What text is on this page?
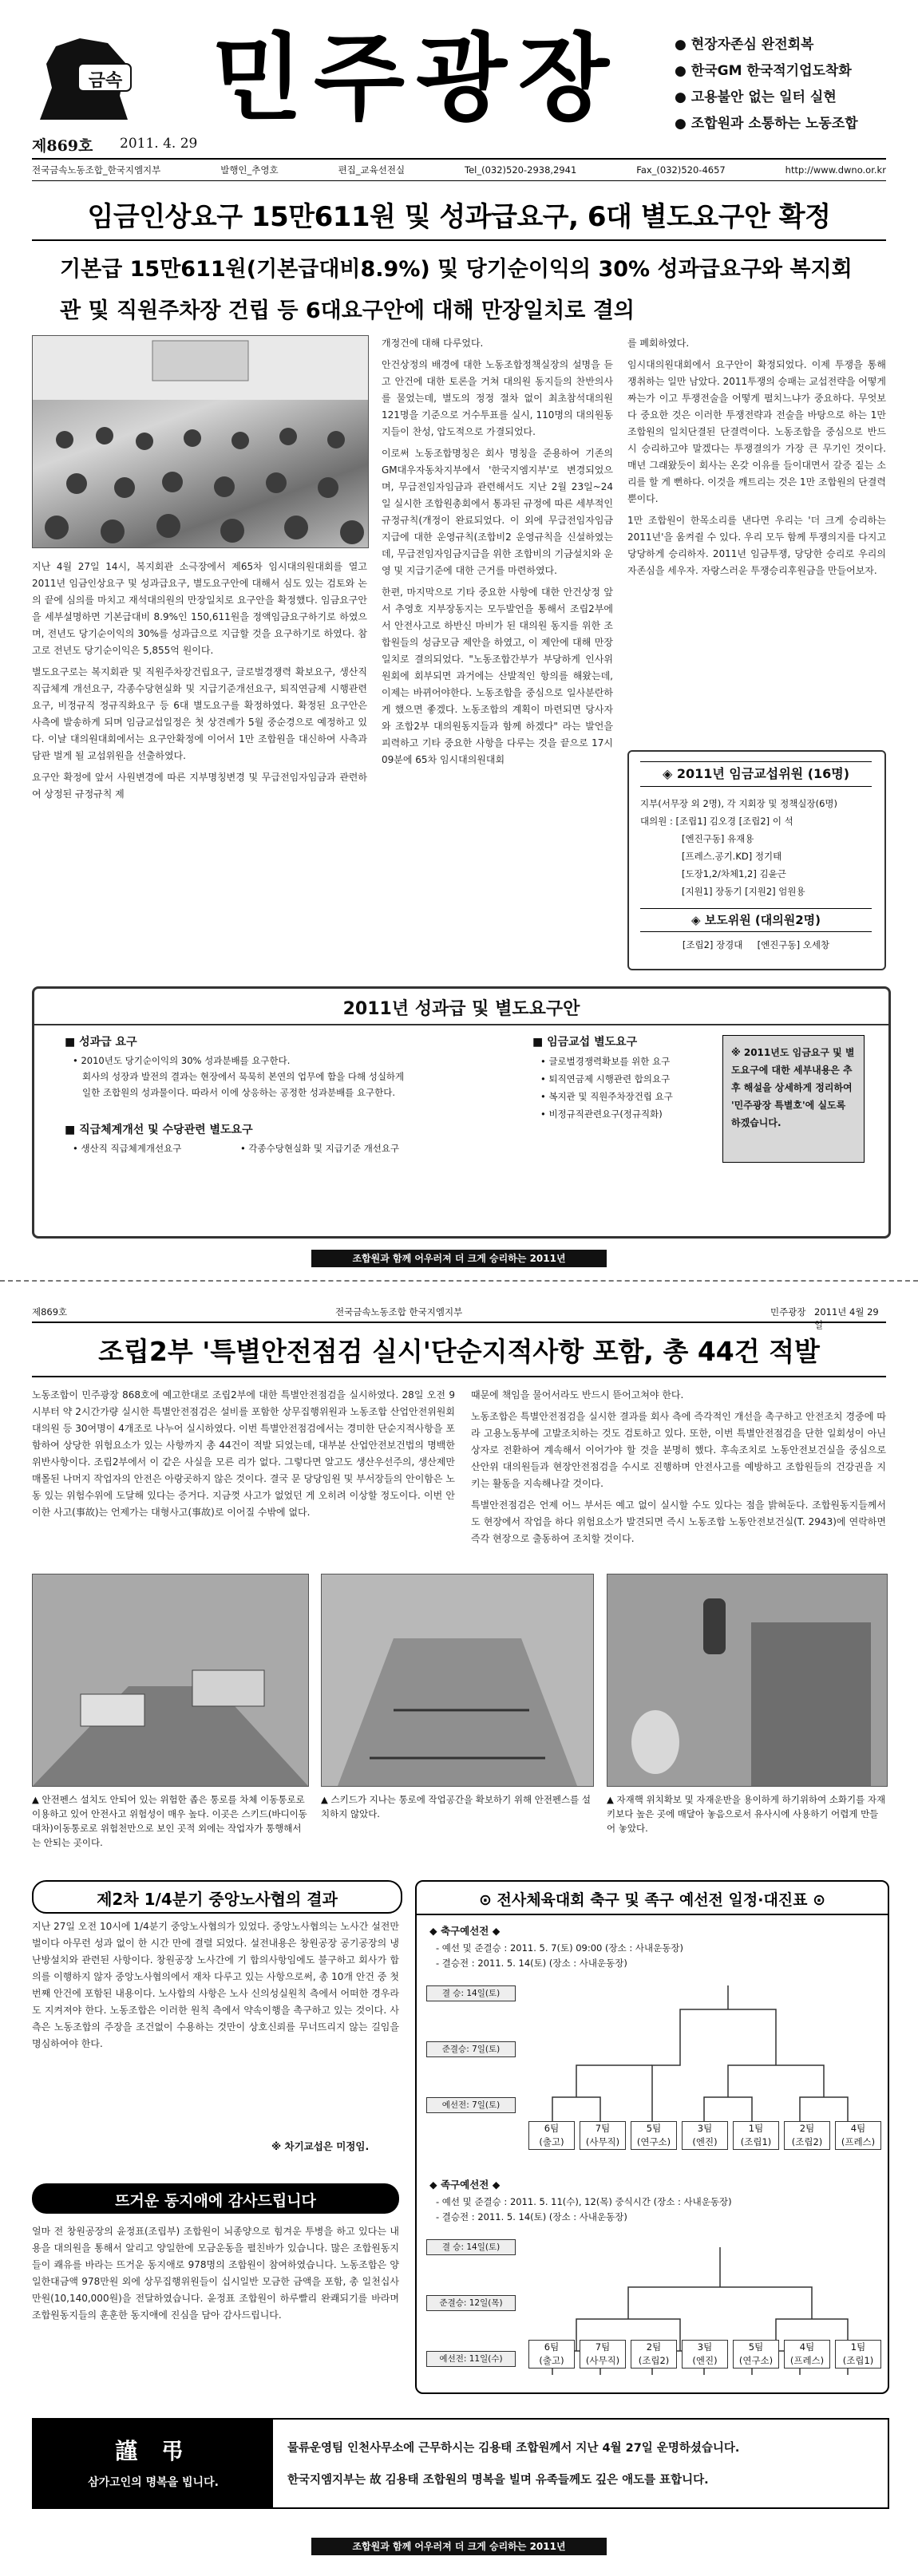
금속 민주광장
제869호 2011. 4. 29
● 현장자존심 완전회복
● 한국GM 한국적기업도착화
● 고용불안 없는 일터 실현
● 조합원과 소통하는 노동조합
전국금속노동조합_한국지엠지부	발행인_추영호	편집_교육선전실	Tel_(032)520-2938,2941	Fax_(032)520-4657	http://www.dwno.or.kr
임금인상요구 15만611원 및 성과급요구, 6대 별도요구안 확정
기본급 15만611원(기본급대비8.9%) 및 당기순이익의 30% 성과급요구와 복지회관 및 직원주차장 건립 등 6대요구안에 대해 만장일치로 결의

지난 4월 27일 14시, 복지회관 소극장에서 제65차 임시대의원대회를 열고 2011년 임금인상요구 및 성과급요구, 별도요구안에 대해서 심도 있는 검토와 논의 끝에 심의를 마치고 재석대의원의 만장일치로 요구안을 확정했다. 임금요구안을 세부설명하면 기본급대비 8.9%인 150,611원을 정액임금요구하기로 하였으며, 전년도 당기순이익의 30%를 성과급으로 지급할 것을 요구하기로 하였다. 참고로 전년도 당기순이익은 5,855억 원이다.

별도요구로는 복지회관 및 직원주차장건립요구, 글로벌경쟁력 확보요구, 생산직직급체계 개선요구, 각종수당현실화 및 지급기준개선요구, 퇴직연금제 시행관련요구, 비정규직 정규직화요구 등 6대 별도요구를 확정하였다. 확정된 요구안은 사측에 발송하게 되며 임금교섭일정은 첫 상견례가 5월 중순경으로 예정하고 있다. 이날 대의원대회에서는 요구안확정에 이어서 1만 조합원을 대신하여 사측과 담판 벌게 될 교섭위원을 선출하였다.

요구안 확정에 앞서 사원변경에 따른 지부명칭변경 및 무급전임자임금과 관련하여 상정된 규정규칙 제

개정건에 대해 다루었다.

안건상정의 배경에 대한 노동조합정책실장의 설명을 듣고 안건에 대한 토론을 거쳐 대의원 동지들의 찬반의사를 물었는데, 별도의 정정 절차 없이 최초참석대의원 121명을 기준으로 거수투표를 실시, 110명의 대의원동지들이 찬성, 압도적으로 가결되었다.

이로써 노동조합명칭은 회사 명칭을 준용하여 기존의 GM대우자동차지부에서 '한국지엠지부'로 변경되었으며, 무급전임자임금과 관련해서도 지난 2월 23일~24일 실시한 조합원총회에서 통과된 규정에 따른 세부적인 규정규칙(개정이 완료되었다. 이 외에 무급전임자임금지급에 대한 운영규칙(조합비2 운영규칙을 신설하였는데, 무급전임자임금지급을 위한 조합비의 기금설치와 운영 및 지급기준에 대한 근거를 마련하였다.

한편, 마지막으로 기타 중요한 사항에 대한 안건상정 앞서 추영호 지부장동지는 모두발언을 통해서 조립2부에서 안전사고로 하반신 마비가 된 대의원 동지를 위한 조합원들의 성금모금 제안을 하였고, 이 제안에 대해 만장일치로 결의되었다. "노동조합간부가 부당하게 인사위원회에 회부되면 과거에는 산발적인 항의를 해왔는데, 이제는 바뀌어야한다. 노동조합을 중심으로 일사분란하게 했으면 좋겠다. 노동조합의 계획이 마련되면 당사자와 조합2부 대의원동지들과 함께 하겠다" 라는 발언을 피력하고 기타 중요한 사항을 다루는 것을 끝으로 17시 09분에 65차 임시대의원대회

를 폐회하였다.

임시대의원대회에서 요구안이 확정되었다. 이제 투쟁을 통해 쟁취하는 일만 남았다. 2011투쟁의 승패는 교섭전략을 어떻게 짜는가 이고 투쟁전술을 어떻게 펼치느냐가 중요하다. 무엇보다 중요한 것은 이러한 투쟁전략과 전술을 바탕으로 하는 1만 조합원의 일치단결된 단결력이다. 노동조합을 중심으로 반드시 승리하고야 말겠다는 투쟁결의가 가장 큰 무기인 것이다. 매년 그래왔듯이 회사는 온갖 이유를 들이대면서 갈증 짙는 소리를 할 게 뻔하다. 이것을 깨트리는 것은 1만 조합원의 단결력 뿐이다.

1만 조합원이 한목소리를 낸다면 우리는 '더 크게 승리하는 2011년'을 움켜쥘 수 있다. 우리 모두 함께 투쟁의지를 다지고 당당하게 승리하자. 2011년 임금투쟁, 당당한 승리로 우리의 자존심을 세우자. 자랑스러운 투쟁승리후원금을 만들어보자.

◈ 2011년 임금교섭위원 (16명)
지부(서무장 외 2명), 각 지회장 및 정책실장(6명)
대의원 : [조립1] 김오경 [조립2] 이 석
[엔진구동] 유재용
[프레스.공기.KD] 정기태
[도장1,2/차체1,2] 김윤근
[지원1] 장동기 [지원2] 엄원용
◈ 보도위원 (대의원2명)
[조립2] 장경대     [엔진구동] 오세창
2011년 성과급 및 별도요구안
■ 성과급 요구
• 2010년도 당기순이익의 30% 성과분배를 요구한다.
회사의 성장과 발전의 결과는 현장에서 묵묵히 본연의 업무에 함을 다해 성실하게
일한 조합원의 성과물이다. 따라서 이에 상응하는 공정한 성과분배를 요구한다.
■ 직급체계개선 및 수당관련 별도요구
• 생산직 직급체계개선요구	• 각종수당현실화 및 지급기준 개선요구
■ 임금교섭 별도요구
• 글로벌경쟁력확보를 위한 요구
• 퇴직연금제 시행관련 합의요구
• 복지관 및 직원주차장건립 요구
• 비정규직관련요구(정규직화)
※ 2011년도 임금요구 및 별도요구에 대한 세부내용은 추후 해설을 상세하게 정리하여 '민주광장 특별호'에 실도록 하겠습니다.
조합원과 함께 어우러져 더 크게 승리하는 2011년
제869호	전국금속노동조합 한국지엠지부	민주광장 2011년 4월 29일
조립2부 '특별안전점검 실시'단순지적사항 포함, 총 44건 적발
노동조합이 민주광장 868호에 예고한대로 조립2부에 대한 특별안전점검을 실시하였다. 28일 오전 9시부터 약 2시간가량 실시한 특별안전점검은 설비를 포함한 상무집행위원과 노동조합 산업안전위원회 대의원 등 30여명이 4개조로 나누어 실시하였다. 이번 특별안전점검에서는 경미한 단순지적사항을 포함하여 상당한 위험요소가 있는 사항까지 총 44건이 적발 되었는데, 대부분 산업안전보건법의 명백한 위반사항이다. 조립2부에서 이 같은 사실을 모른 리가 없다. 그렇다면 알고도 생산우선주의, 생산제만 매몰된 나머지 작업자의 안전은 아랑곳하지 않은 것이다. 결국 문 당당임원 및 부서장들의 안이함은 노동 있는 위험수위에 도달해 있다는 증거다. 지금껏 사고가 없었던 게 오히려 이상할 정도이다. 이번 안이한 사고(事故)는 언제가는 대형사고(事故)로 이어질 수밖에 없다.

때문에 책임을 물어서라도 반드시 뜯어고쳐야 한다.

노동조합은 특별안전점검을 실시한 결과를 회사 측에 즉각적인 개선을 촉구하고 안전조치 경중에 따라 고용노동부에 고발조치하는 것도 검토하고 있다. 또한, 이번 특별안전점검을 단한 일회성이 아닌 상자로 전환하여 계속해서 이어가야 할 것을 분명히 했다. 후속조치로 노동안전보건실을 중심으로 산안위 대의원들과 현장안전점검을 수시로 진행하며 안전사고를 예방하고 조합원들의 건강권을 지키는 활동을 지속해나갈 것이다.

특별안전점검은 언제 어느 부서든 예고 없이 실시할 수도 있다는 점을 밝혀둔다. 조합원동지들께서도 현장에서 작업을 하다 위험요소가 발견되면 즉시 노동조합 노동안전보건실(T. 2943)에 연락하면 즉각 현장으로 출동하여 조치할 것이다.

▲ 안전펜스 설치도 안되어 있는 위험한 좁은 통로를 차체 이동통로로 이용하고 있어 안전사고 위험성이 매우 높다. 이곳은 스키드(바디이동대차)이동통로로 위험천만으로 보인 곳적 외에는 작업자가 통행해서는 안되는 곳이다.
▲ 스키드가 지나는 통로에 작업공간을 확보하기 위해 안전펜스를 설치하지 않았다.
▲ 자재핵 위치확보 및 자재운반을 용이하게 하기위하여 소화기를 자재 키보다 높은 곳에 매달아 놓음으로서 유사시에 사용하기 어렵게 만들어 놓았다.
제2차 1/4분기 중앙노사협의 결과
지난 27일 오전 10시에 1/4분기 중앙노사협의가 있었다. 중앙노사협의는 노사간 설전만 벌이다 아무런 성과 없이 한 시간 만에 결렬 되었다. 설전내용은 창원공장 공기공장의 냉난방설치와 관련된 사항이다. 창원공장 노사간에 기 합의사항임에도 불구하고 회사가 합의를 이행하지 않자 중앙노사협의에서 재차 다루고 있는 사항으로써, 총 10개 안건 중 첫 번째 안건에 포함된 내용이다. 노사합의 사항은 노사 신의성실원칙 측에서 어떠한 경우라도 지켜져야 한다. 노동조합은 이러한 원칙 측에서 약속이행을 촉구하고 있는 것이다. 사측은 노동조합의 주장을 조건없이 수용하는 것만이 상호신뢰를 무너뜨리지 않는 길임을 명심하여야 한다.
※ 차기교섭은 미정임.
뜨거운 동지애에 감사드립니다
얼마 전 창원공장의 윤정표(조립부) 조합원이 뇌종양으로 힘겨운 투병을 하고 있다는 내용을 대의원을 통해서 알리고 양일한에 모금운동을 펼친바가 있습니다. 많은 조합원동지들이 쾌유를 바라는 뜨거운 동지애로 978명의 조합원이 참여하였습니다. 노동조합은 양일한대금액 978만원 외에 상무집행위원들이 십시일반 모금한 금액을 포함, 총 일천십사만원(10,140,000원)을 전달하였습니다. 윤정표 조합원이 하루빨리 완쾌되기를 바라며 조합원동지들의 훈훈한 동지애에 진심을 담아 감사드립니다.
⊙ 전사체육대회 축구 및 족구 예선전 일정·대진표 ⊙
◆ 축구예선전 ◆
- 예선 및 준결승 : 2011. 5. 7(토) 09:00 (장소 : 사내운동장)
- 결승전 : 2011. 5. 14(토) (장소 : 사내운동장)
결 승: 14일(토)
준결승: 7일(토)
예선전: 7일(토)
6팀
(출고)
7팀
(사무직)
5팀
(연구소)
3팀
(엔진)
1팀
(조립1)
2팀
(조립2)
4팀
(프레스)
◆ 족구예선전 ◆
- 예선 및 준결승 : 2011. 5. 11(수), 12(목) 중식시간 (장소 : 사내운동장)
- 결승전 : 2011. 5. 14(토) (장소 : 사내운동장)
결 승: 14일(토)
준결승: 12일(목)
예선전: 11일(수)
6팀
(출고)
7팀
(사무직)
2팀
(조립2)
3팀
(엔진)
5팀
(연구소)
4팀
(프레스)
1팀
(조립1)
謹 弔
삼가고인의 명복을 빕니다.
물류운영팀 인천사무소에 근무하시는 김용태 조합원께서 지난 4월 27일 운명하셨습니다.
한국지엠지부는 故 김용태 조합원의 명복을 빌며 유족들께도 깊은 애도를 표합니다.
조합원과 함께 어우러져 더 크게 승리하는 2011년
